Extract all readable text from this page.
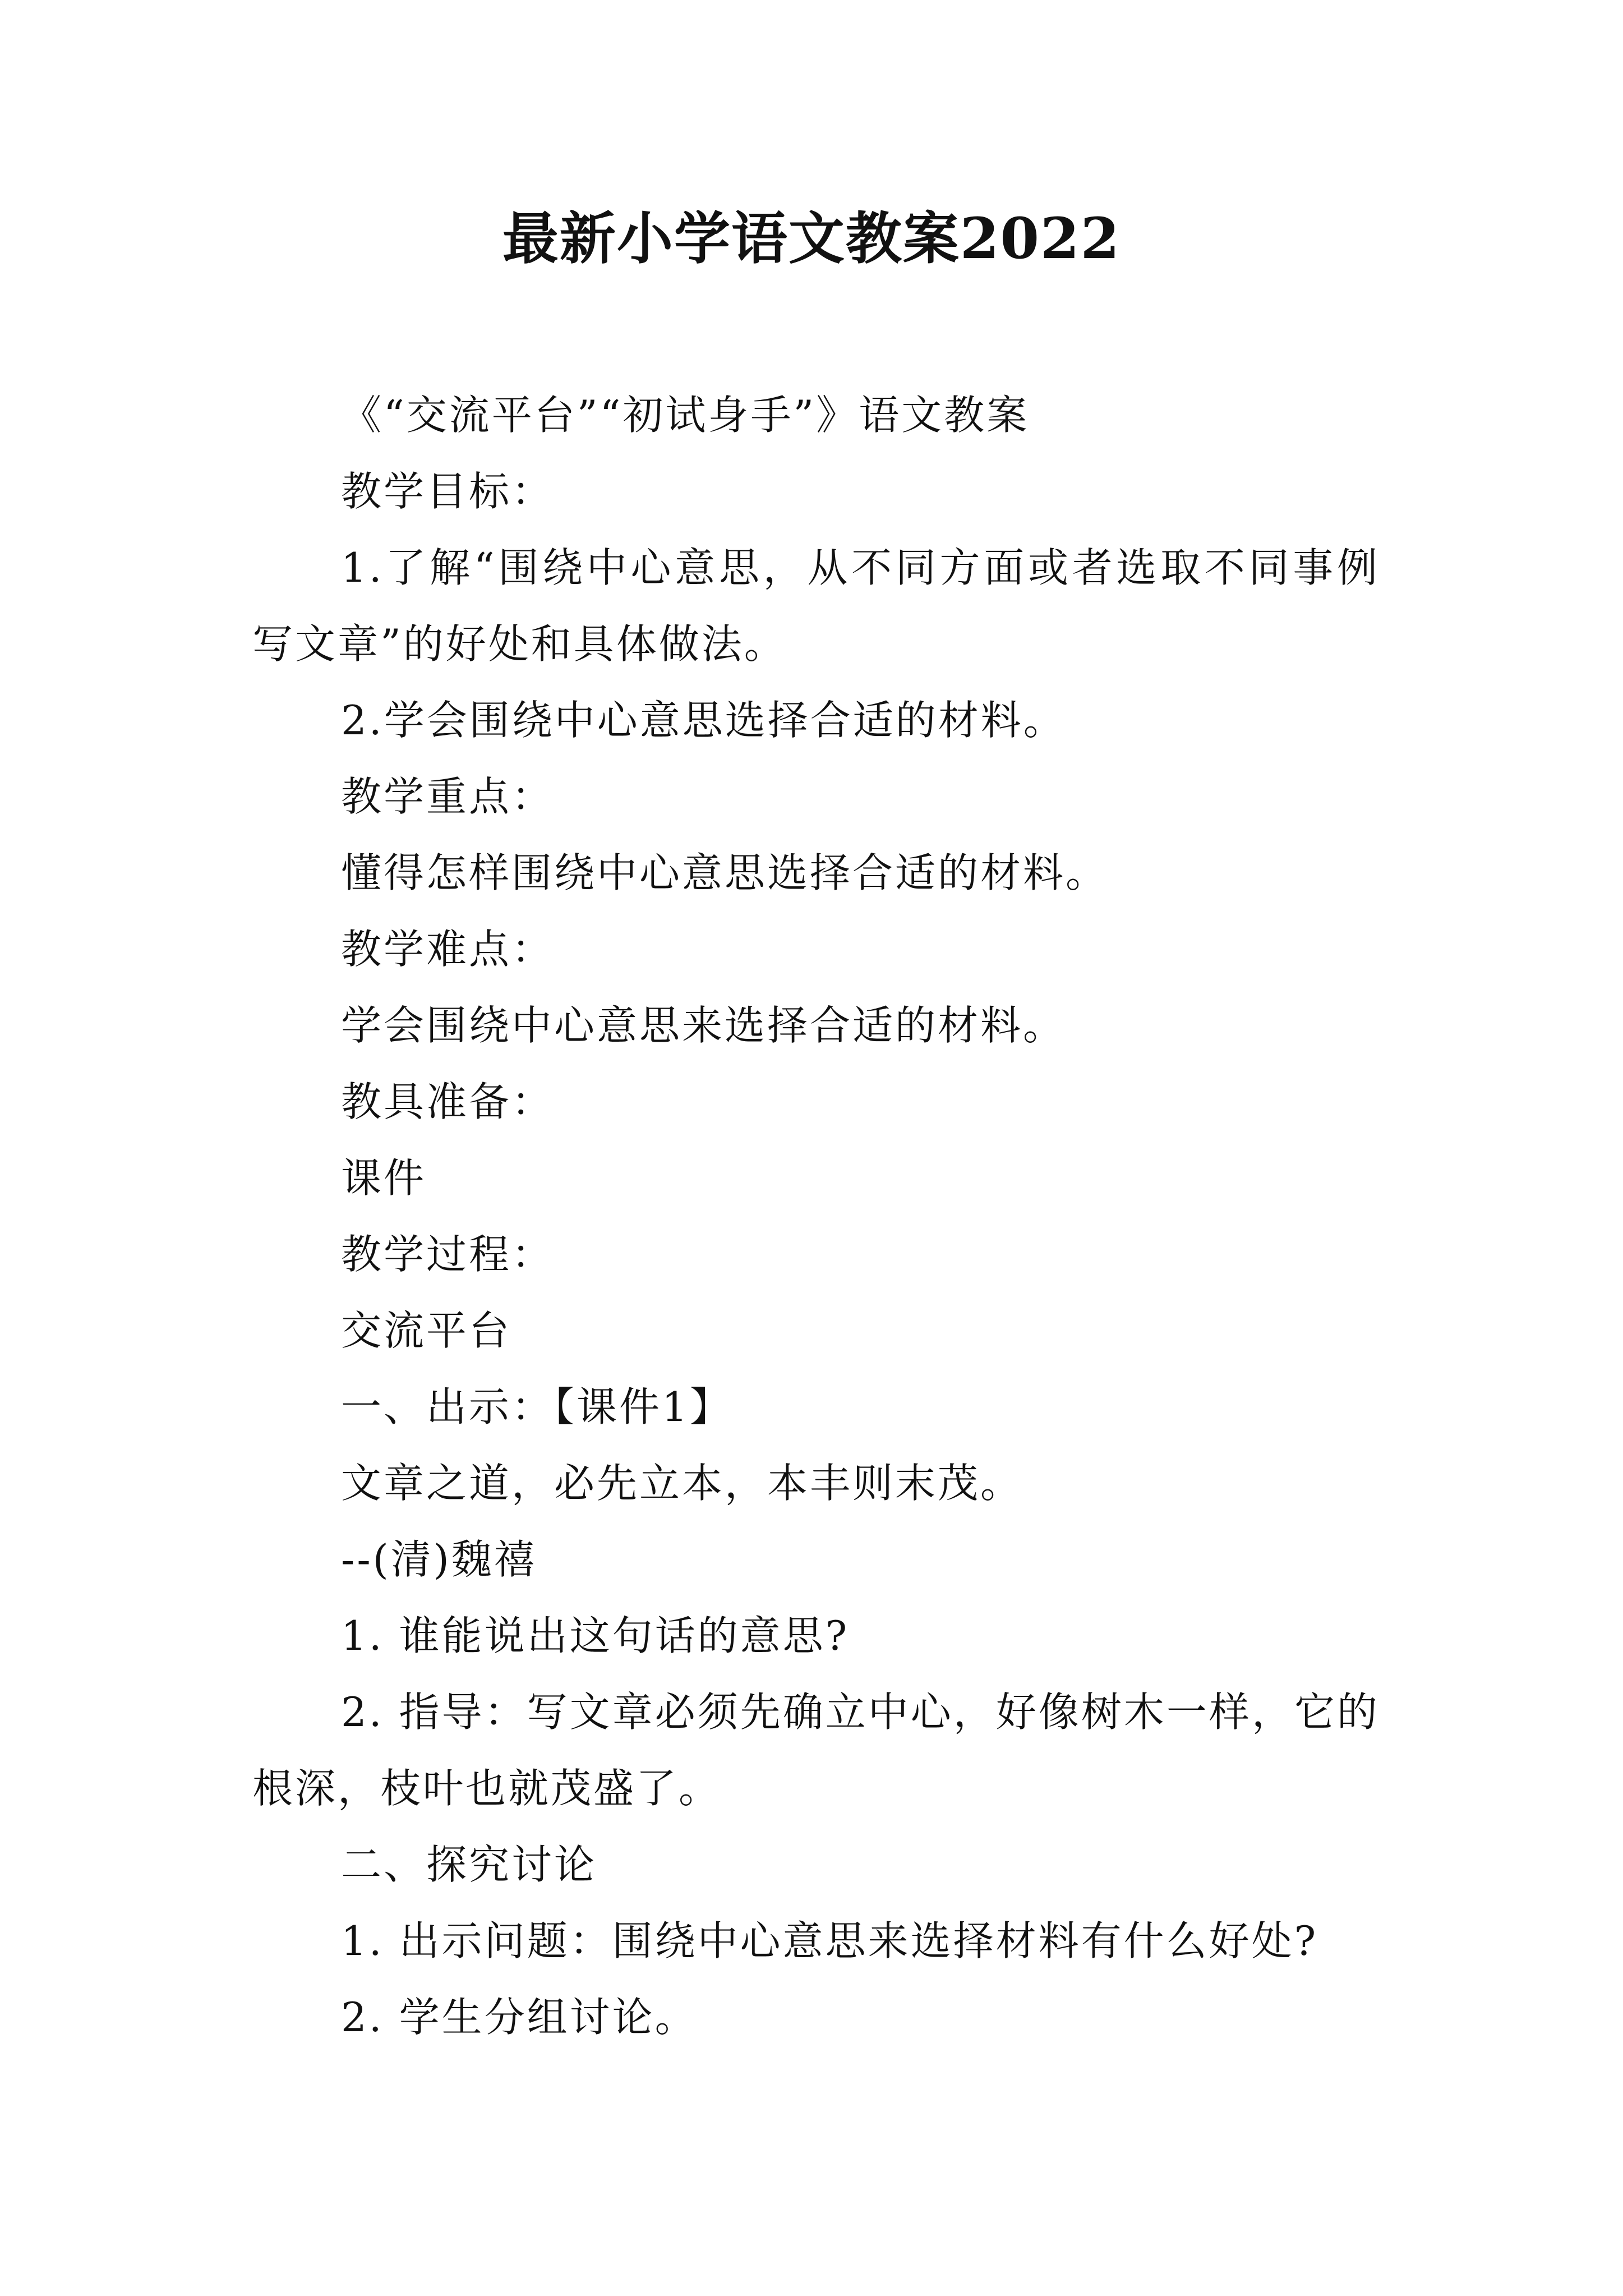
最新小学语文教案2022

《“交流平台”“初试身手”》语文教案

教学目标：

1.了解“围绕中心意思，从不同方面或者选取不同事例写文章”的好处和具体做法。

2.学会围绕中心意思选择合适的材料。

教学重点：

懂得怎样围绕中心意思选择合适的材料。

教学难点：

学会围绕中心意思来选择合适的材料。

教具准备：

课件

教学过程：

交流平台

一、出示：【课件1】

文章之道，必先立本，本丰则末茂。

--(清)魏禧

1. 谁能说出这句话的意思?

2. 指导：写文章必须先确立中心，好像树木一样，它的根深，枝叶也就茂盛了。

二、探究讨论

1. 出示问题：围绕中心意思来选择材料有什么好处?

2. 学生分组讨论。
